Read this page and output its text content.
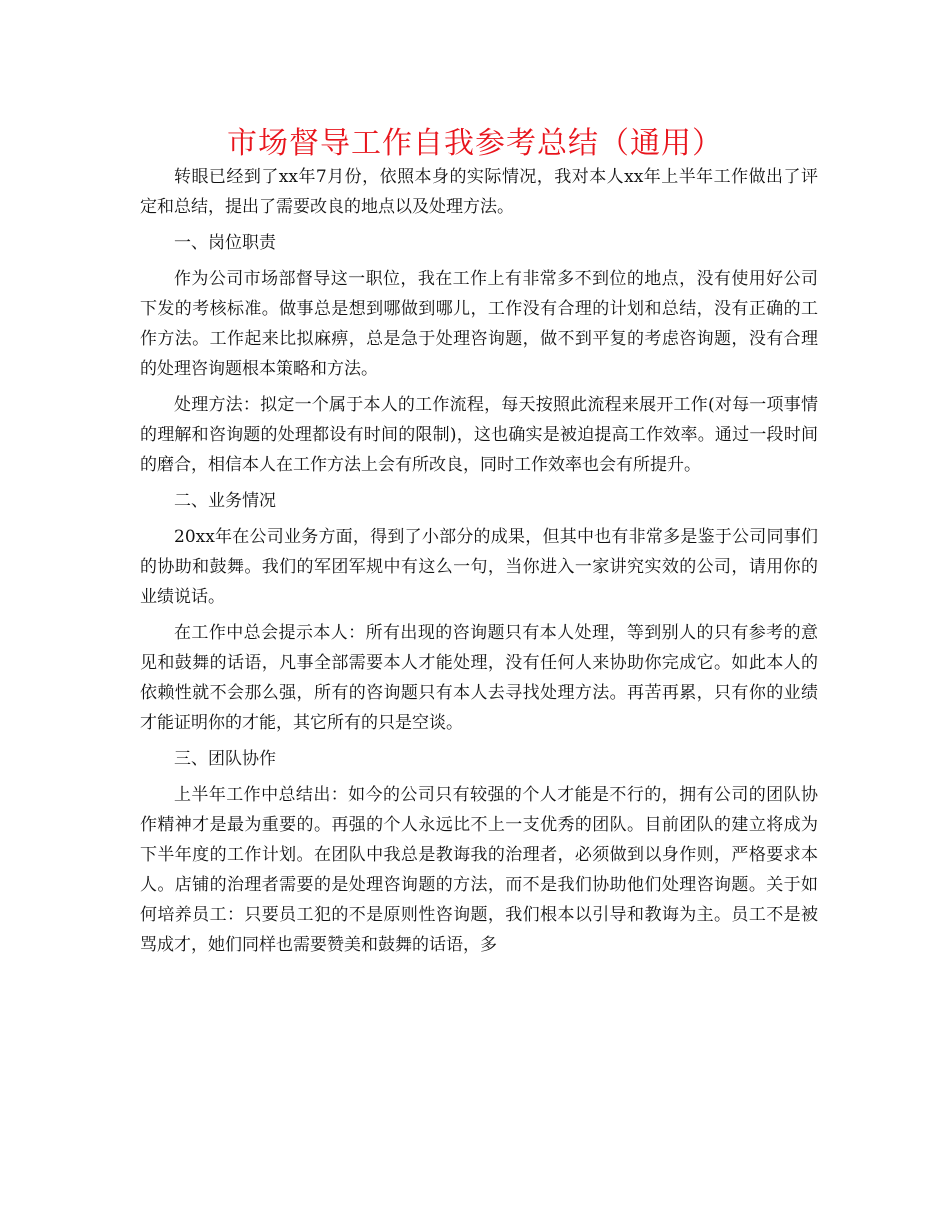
市场督导工作自我参考总结（通用）

转眼已经到了xx年7月份，依照本身的实际情况，我对本人xx年上半年工作做出了评定和总结，提出了需要改良的地点以及处理方法。

一、岗位职责

作为公司市场部督导这一职位，我在工作上有非常多不到位的地点，没有使用好公司下发的考核标准。做事总是想到哪做到哪儿，工作没有合理的计划和总结，没有正确的工作方法。工作起来比拟麻痹，总是急于处理咨询题，做不到平复的考虑咨询题，没有合理的处理咨询题根本策略和方法。

处理方法：拟定一个属于本人的工作流程，每天按照此流程来展开工作(对每一项事情的理解和咨询题的处理都设有时间的限制)，这也确实是被迫提高工作效率。通过一段时间的磨合，相信本人在工作方法上会有所改良，同时工作效率也会有所提升。

二、业务情况

20xx年在公司业务方面，得到了小部分的成果，但其中也有非常多是鉴于公司同事们的协助和鼓舞。我们的军团军规中有这么一句，当你进入一家讲究实效的公司，请用你的业绩说话。

在工作中总会提示本人：所有出现的咨询题只有本人处理，等到别人的只有参考的意见和鼓舞的话语，凡事全部需要本人才能处理，没有任何人来协助你完成它。如此本人的依赖性就不会那么强，所有的咨询题只有本人去寻找处理方法。再苦再累，只有你的业绩才能证明你的才能，其它所有的只是空谈。

三、团队协作

上半年工作中总结出：如今的公司只有较强的个人才能是不行的，拥有公司的团队协作精神才是最为重要的。再强的个人永远比不上一支优秀的团队。目前团队的建立将成为下半年度的工作计划。在团队中我总是教诲我的治理者，必须做到以身作则，严格要求本人。店铺的治理者需要的是处理咨询题的方法，而不是我们协助他们处理咨询题。关于如何培养员工：只要员工犯的不是原则性咨询题，我们根本以引导和教诲为主。员工不是被骂成才，她们同样也需要赞美和鼓舞的话语，多
